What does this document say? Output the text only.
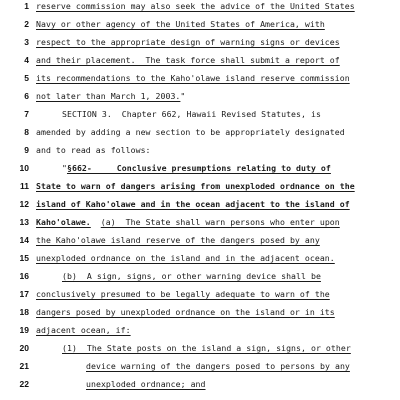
1 reserve commission may also seek the advice of the United States
2 Navy or other agency of the United States of America, with
3 respect to the appropriate design of warning signs or devices
4 and their placement.  The task force shall submit a report of
5 its recommendations to the Kaho'olawe island reserve commission
6 not later than March 1, 2003."
7	SECTION 3.  Chapter 662, Hawaii Revised Statutes, is
8 amended by adding a new section to be appropriately designated
9 and to read as follows:
10	"§662-     Conclusive presumptions relating to duty of
11 State to warn of dangers arising from unexploded ordnance on the
12 island of Kaho'olawe and in the ocean adjacent to the island of
13 Kaho'olawe. (a)  The State shall warn persons who enter upon
14 the Kaho'olawe island reserve of the dangers posed by any
15 unexploded ordnance on the island and in the adjacent ocean.
16	(b)  A sign, signs, or other warning device shall be
17 conclusively presumed to be legally adequate to warn of the
18 dangers posed by unexploded ordnance on the island or in its
19 adjacent ocean, if:
20	(1)  The State posts on the island a sign, signs, or other
21	device warning of the dangers posed to persons by any
22	unexploded ordnance; and
